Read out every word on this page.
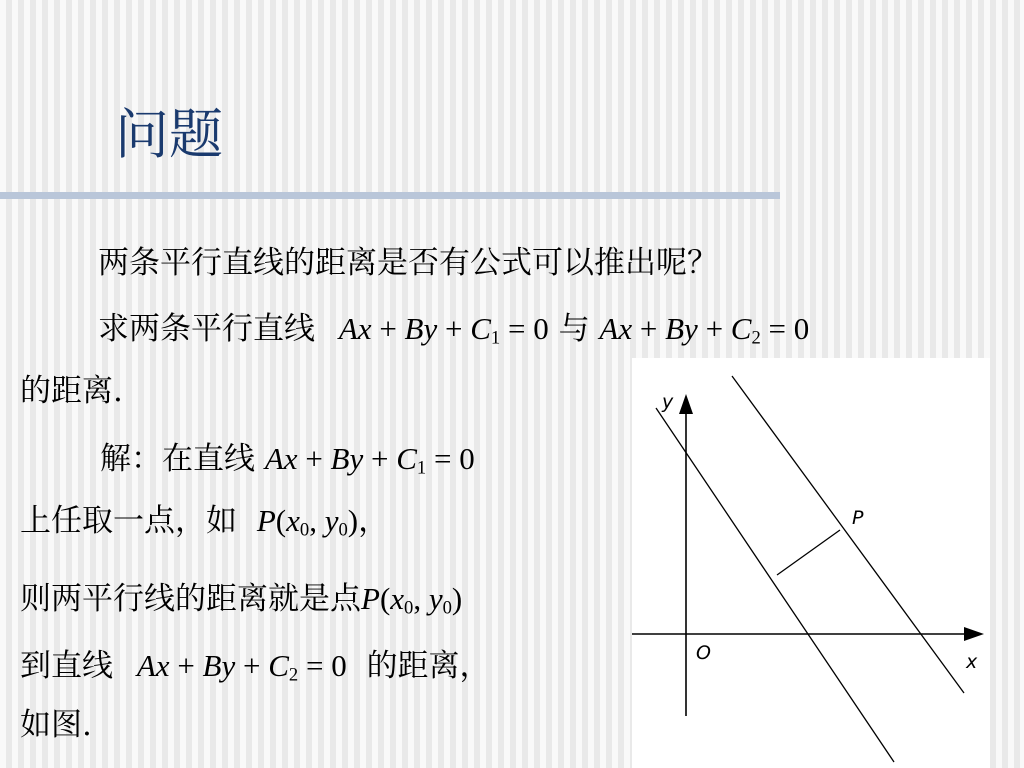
问题
两条平行直线的距离是否有公式可以推出呢？
求两条平行直线 $Ax + By + C_1 = 0$ 与 $Ax + By + C_2 = 0$
的距离.
解：在直线 $Ax + By + C_1 = 0$
上任取一点，如 $P(x_0$, $y_0$)，
则两平行线的距离就是点$P(x_0$, $y_0$)
到直线 $Ax + By + C_2 = 0$ 的距离，
如图.
y
x
O
P
